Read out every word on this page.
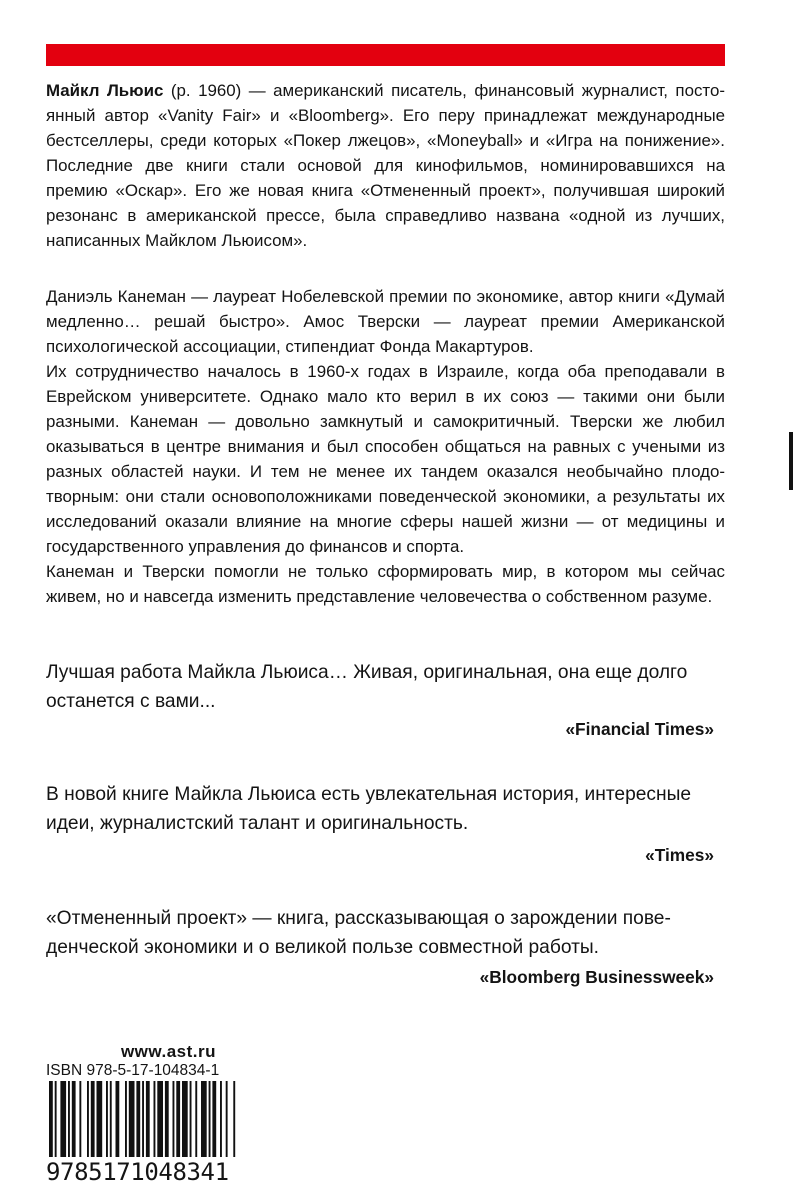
Майкл Льюис (р. 1960) — американский писатель, финансовый журналист, постоянный автор «Vanity Fair» и «Bloomberg». Его перу принадлежат международные бестселлеры, среди которых «Покер лжецов», «Moneyball» и «Игра на понижение». Последние две книги стали основой для кинофильмов, номинировавшихся на премию «Оскар». Его же новая книга «Отмененный проект», получившая широкий резонанс в американской прессе, была справедливо названа «одной из лучших, написанных Майклом Льюисом».
Даниэль Канеман — лауреат Нобелевской премии по экономике, автор книги «Думай медленно… решай быстро». Амос Тверски — лауреат премии Американской психологической ассоциации, стипендиат Фонда Макартуров.
Их сотрудничество началось в 1960-х годах в Израиле, когда оба преподавали в Еврейском университете. Однако мало кто верил в их союз — такими они были разными. Канеман — довольно замкнутый и самокритичный. Тверски же любил оказываться в центре внимания и был способен общаться на равных с учеными из разных областей науки. И тем не менее их тандем оказался необычайно плодотворным: они стали основоположниками поведенческой экономики, а результаты их исследований оказали влияние на многие сферы нашей жизни — от медицины и государственного управления до финансов и спорта.
Канеман и Тверски помогли не только сформировать мир, в котором мы сейчас живем, но и навсегда изменить представление человечества о собственном разуме.
Лучшая работа Майкла Льюиса… Живая, оригинальная, она еще долго останется с вами...
«Financial Times»
В новой книге Майкла Льюиса есть увлекательная история, интересные идеи, журналистский талант и оригинальность.
«Times»
«Отмененный проект» — книга, рассказывающая о зарождении поведенческой экономики и о великой пользе совместной работы.
«Bloomberg Businessweek»
www.ast.ru
ISBN 978-5-17-104834-1
9785171048341
